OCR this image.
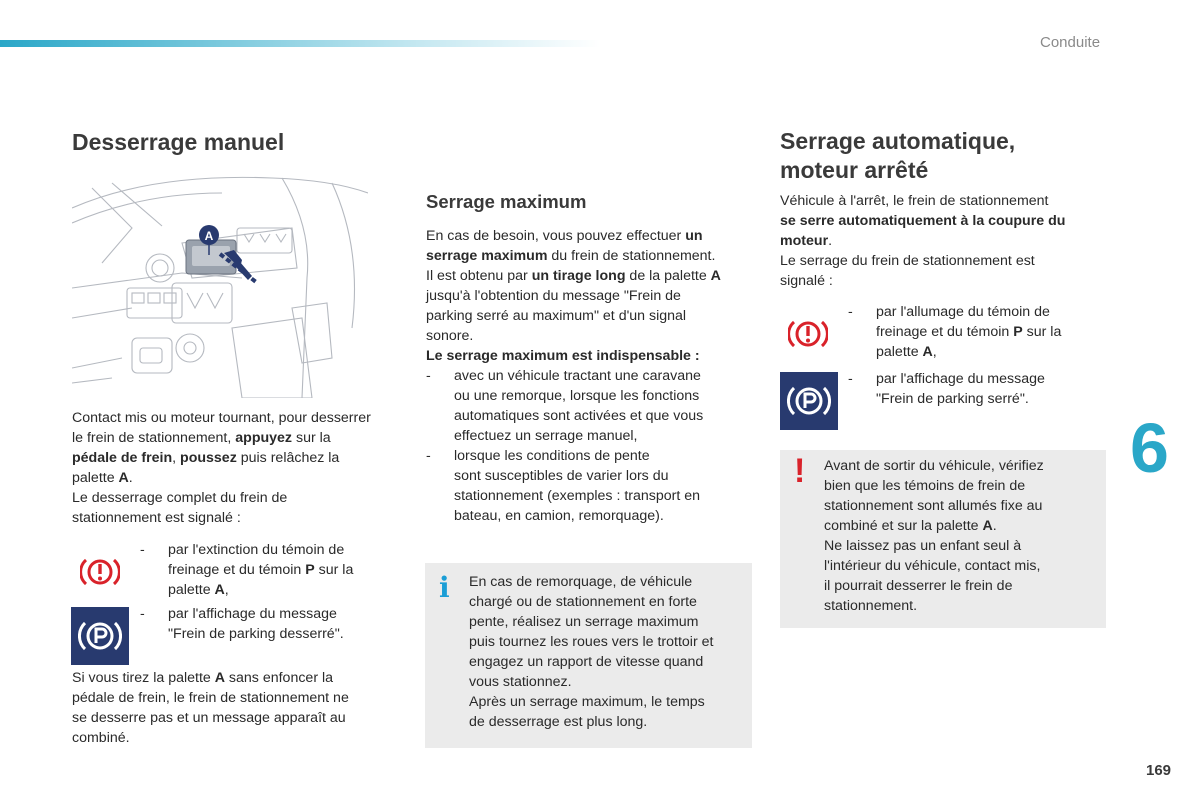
Conduite
Desserrage manuel
A

Contact mis ou moteur tournant, pour desserrer
le frein de stationnement, appuyez sur la
pédale de frein, poussez puis relâchez la
palette A.
Le desserrage complet du frein de
stationnement est signalé :

- par l'extinction du témoin de
freinage et du témoin P sur la
palette A,
- par l'affichage du message
"Frein de parking desserré".

Si vous tirez la palette A sans enfoncer la
pédale de frein, le frein de stationnement ne
se desserre pas et un message apparaît au
combiné.

Serrage maximum

En cas de besoin, vous pouvez effectuer un
serrage maximum du frein de stationnement.
Il est obtenu par un tirage long de la palette A
jusqu'à l'obtention du message "Frein de
parking serré au maximum" et d'un signal
sonore.
Le serrage maximum est indispensable :

- avec un véhicule tractant une caravane
ou une remorque, lorsque les fonctions
automatiques sont activées et que vous
effectuez un serrage manuel,
- lorsque les conditions de pente
sont susceptibles de varier lors du
stationnement (exemples : transport en
bateau, en camion, remorquage).
i En cas de remorquage, de véhicule
chargé ou de stationnement en forte
pente, réalisez un serrage maximum
puis tournez les roues vers le trottoir et
engagez un rapport de vitesse quand
vous stationnez.
Après un serrage maximum, le temps
de desserrage est plus long.

Serrage automatique,
moteur arrêté

Véhicule à l'arrêt, le frein de stationnement
se serre automatiquement à la coupure du
moteur.
Le serrage du frein de stationnement est
signalé :

- par l'allumage du témoin de
freinage et du témoin P sur la
palette A,
- par l'affichage du message
"Frein de parking serré".
! Avant de sortir du véhicule, vérifiez
bien que les témoins de frein de
stationnement sont allumés fixe au
combiné et sur la palette A.
Ne laissez pas un enfant seul à
l'intérieur du véhicule, contact mis,
il pourrait desserrer le frein de
stationnement.

6
169
